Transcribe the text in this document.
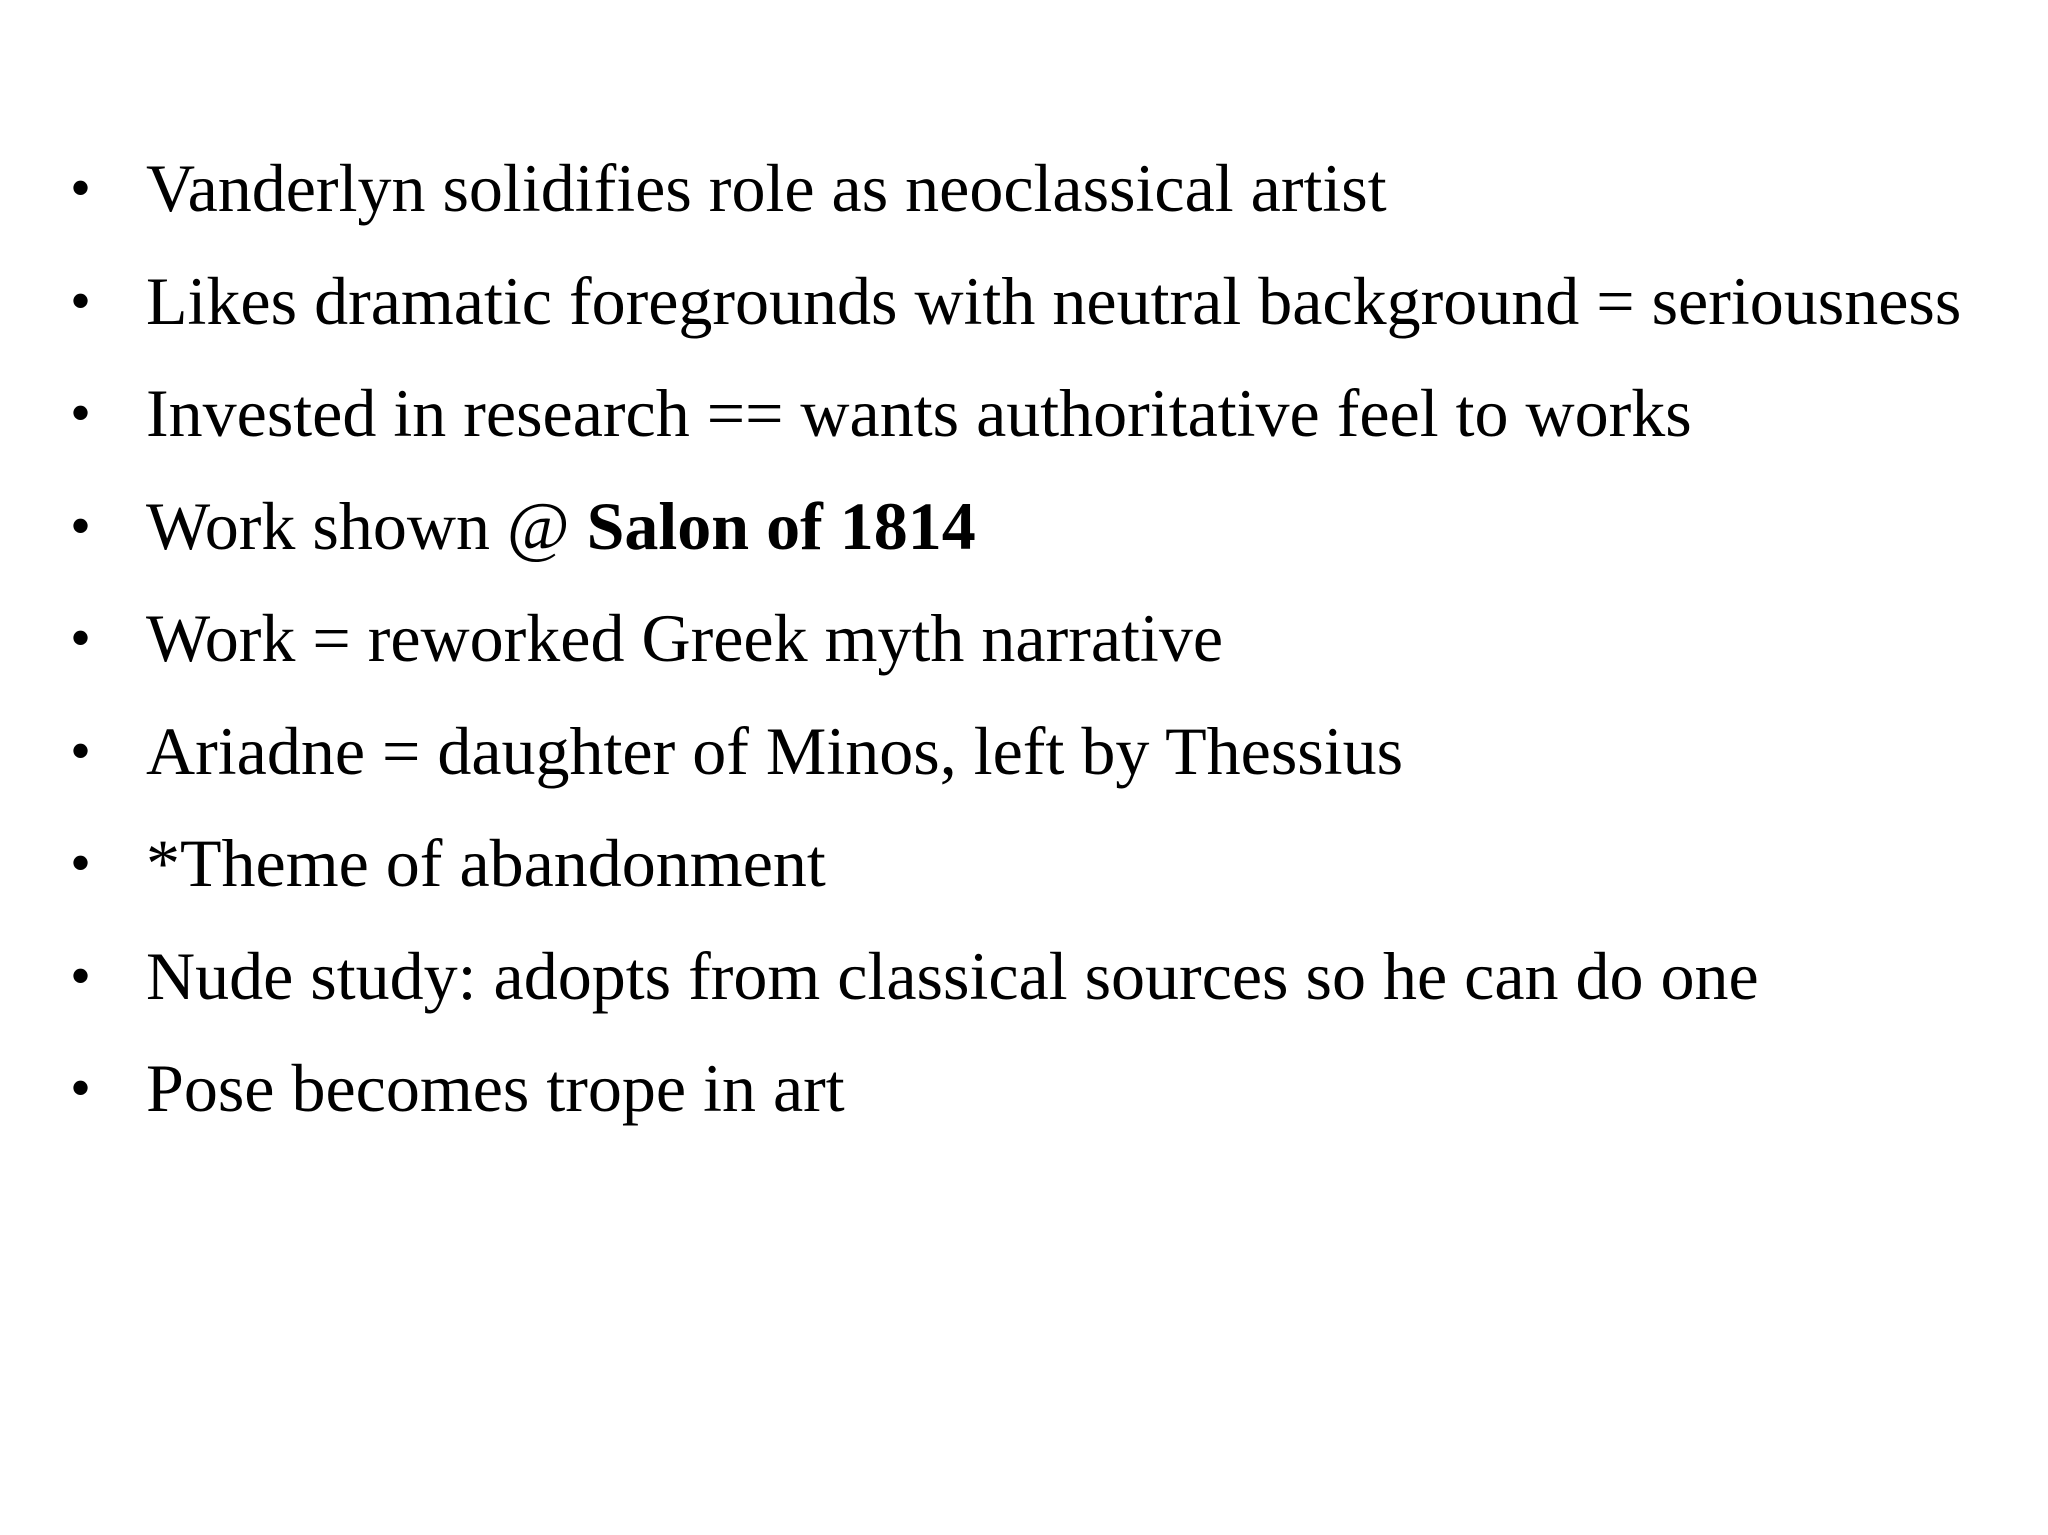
• Vanderlyn solidifies role as neoclassical artist
• Likes dramatic foregrounds with neutral background = seriousness
• Invested in research == wants authoritative feel to works
• Work shown @ Salon of 1814
• Work = reworked Greek myth narrative
• Ariadne = daughter of Minos, left by Thessius
• *Theme of abandonment
• Nude study: adopts from classical sources so he can do one
• Pose becomes trope in art
